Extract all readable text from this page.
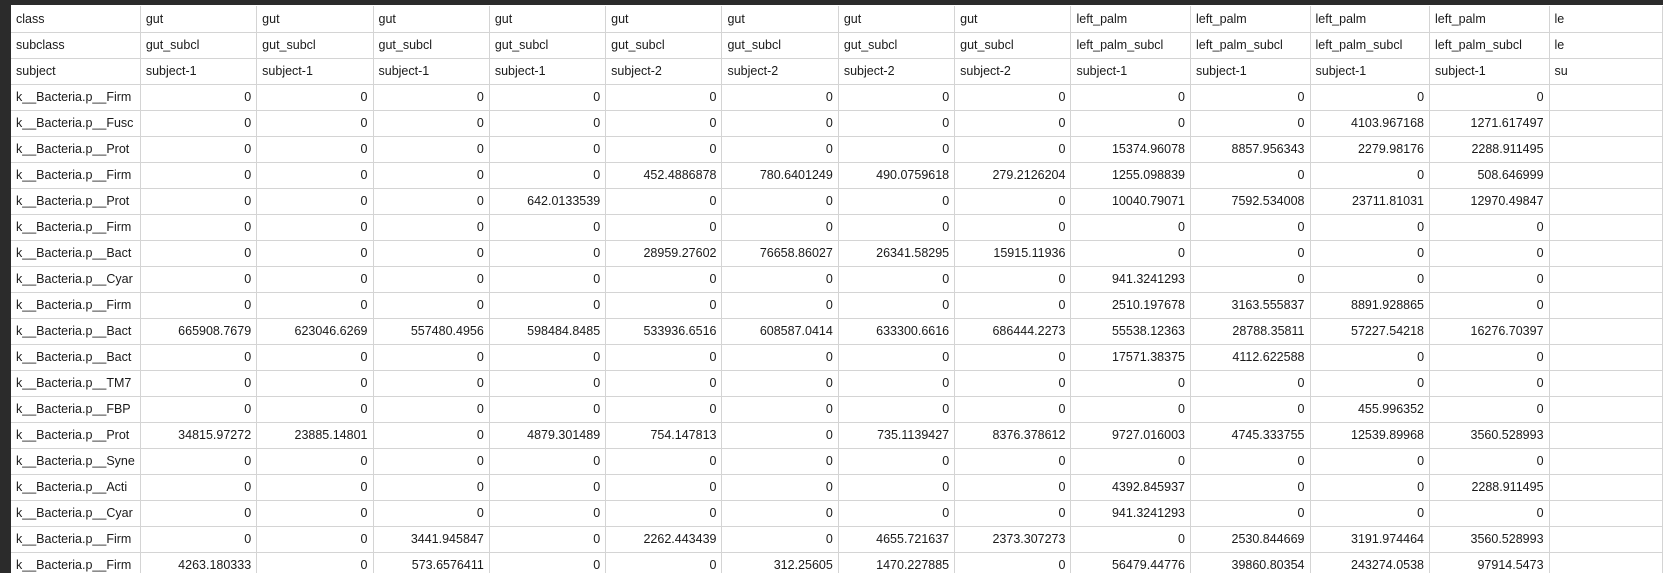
class	gut	gut	gut	gut	gut	gut	gut	gut	left_palm	left_palm	left_palm	left_palm	le
subclass	gut_subcl	gut_subcl	gut_subcl	gut_subcl	gut_subcl	gut_subcl	gut_subcl	gut_subcl	left_palm_subcl	left_palm_subcl	left_palm_subcl	left_palm_subcl	le
subject	subject-1	subject-1	subject-1	subject-1	subject-2	subject-2	subject-2	subject-2	subject-1	subject-1	subject-1	subject-1	su
k__Bacteria.p__Firm	0	0	0	0	0	0	0	0	0	0	0	0	
k__Bacteria.p__Fusc	0	0	0	0	0	0	0	0	0	0	4103.967168	1271.617497	
k__Bacteria.p__Prot	0	0	0	0	0	0	0	0	15374.96078	8857.956343	2279.98176	2288.911495	
k__Bacteria.p__Firm	0	0	0	0	452.4886878	780.6401249	490.0759618	279.2126204	1255.098839	0	0	508.646999	
k__Bacteria.p__Prot	0	0	0	642.0133539	0	0	0	0	10040.79071	7592.534008	23711.81031	12970.49847	
k__Bacteria.p__Firm	0	0	0	0	0	0	0	0	0	0	0	0	
k__Bacteria.p__Bact	0	0	0	0	28959.27602	76658.86027	26341.58295	15915.11936	0	0	0	0	
k__Bacteria.p__Cyar	0	0	0	0	0	0	0	0	941.3241293	0	0	0	
k__Bacteria.p__Firm	0	0	0	0	0	0	0	0	2510.197678	3163.555837	8891.928865	0	
k__Bacteria.p__Bact	665908.7679	623046.6269	557480.4956	598484.8485	533936.6516	608587.0414	633300.6616	686444.2273	55538.12363	28788.35811	57227.54218	16276.70397	
k__Bacteria.p__Bact	0	0	0	0	0	0	0	0	17571.38375	4112.622588	0	0	
k__Bacteria.p__TM7	0	0	0	0	0	0	0	0	0	0	0	0	
k__Bacteria.p__FBP	0	0	0	0	0	0	0	0	0	0	455.996352	0	
k__Bacteria.p__Prot	34815.97272	23885.14801	0	4879.301489	754.147813	0	735.1139427	8376.378612	9727.016003	4745.333755	12539.89968	3560.528993	
k__Bacteria.p__Syne	0	0	0	0	0	0	0	0	0	0	0	0	
k__Bacteria.p__Acti	0	0	0	0	0	0	0	0	4392.845937	0	0	2288.911495	
k__Bacteria.p__Cyar	0	0	0	0	0	0	0	0	941.3241293	0	0	0	
k__Bacteria.p__Firm	0	0	3441.945847	0	2262.443439	0	4655.721637	2373.307273	0	2530.844669	3191.974464	3560.528993	
k__Bacteria.p__Firm	4263.180333	0	573.6576411	0	0	312.25605	1470.227885	0	56479.44776	39860.80354	243274.0538	97914.5473	
